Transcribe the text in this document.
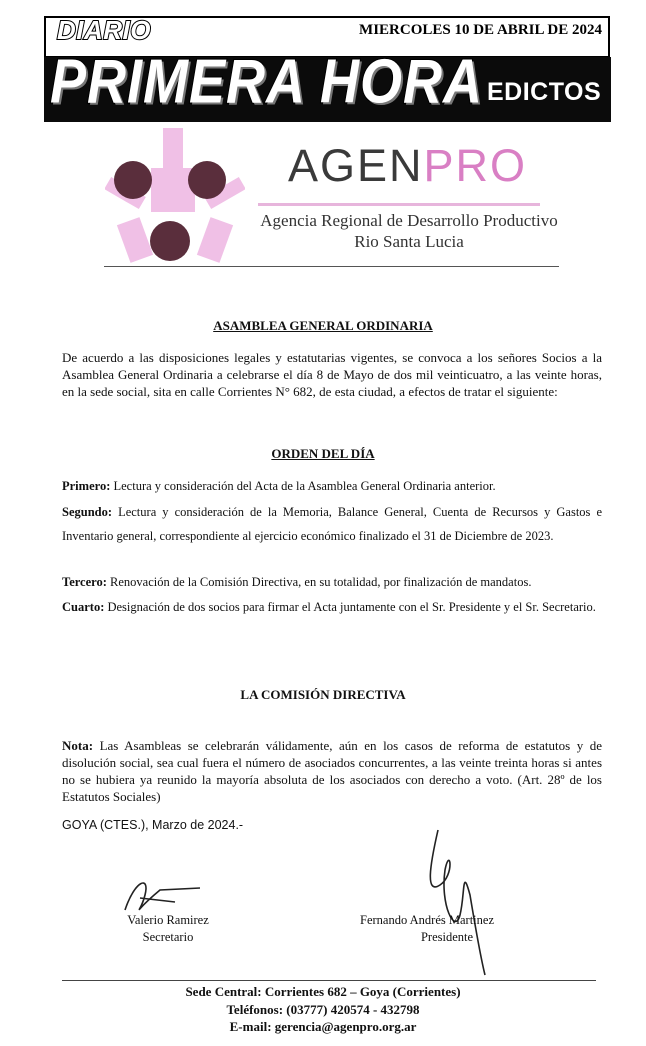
DIARIO	MIERCOLES 10 DE ABRIL DE 2024
PRIMERA HORA EDICTOS
AGENPRO
Agencia Regional de Desarrollo Productivo
Rio Santa Lucia
ASAMBLEA GENERAL ORDINARIA
De acuerdo a las disposiciones legales y estatutarias vigentes, se convoca a los señores Socios a la Asamblea General Ordinaria a celebrarse el día 8 de Mayo de dos mil veinticuatro, a las veinte horas, en la sede social, sita en calle Corrientes N° 682, de esta ciudad, a efectos de tratar el siguiente:
ORDEN DEL DÍA
Primero: Lectura y consideración del Acta de la Asamblea General Ordinaria anterior.
Segundo: Lectura y consideración de la Memoria, Balance General, Cuenta de Recursos y Gastos e Inventario general, correspondiente al ejercicio económico finalizado el 31 de Diciembre de 2023.
Tercero: Renovación de la Comisión Directiva, en su totalidad, por finalización de mandatos.
Cuarto: Designación de dos socios para firmar el Acta juntamente con el Sr. Presidente y el Sr. Secretario.
LA COMISIÓN DIRECTIVA
Nota: Las Asambleas se celebrarán válidamente, aún en los casos de reforma de estatutos y de disolución social, sea cual fuera el número de asociados concurrentes, a las veinte treinta horas si antes no se hubiera ya reunido la mayoría absoluta de los asociados con derecho a voto. (Art. 28º de los Estatutos Sociales)
GOYA (CTES.), Marzo de 2024.-
Valerio Ramirez
Secretario
Fernando Andrés Martinez
Presidente
Sede Central: Corrientes 682 – Goya (Corrientes)
Teléfonos: (03777) 420574 - 432798
E-mail: gerencia@agenpro.org.ar
